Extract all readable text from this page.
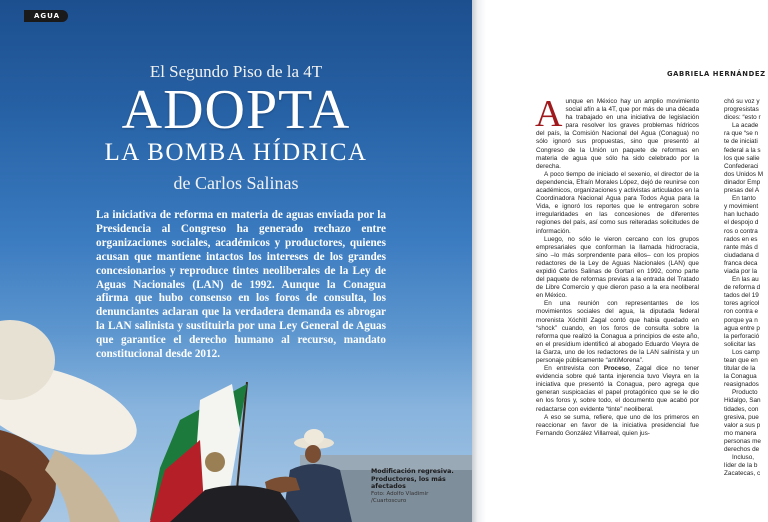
AGUA
El Segundo Piso de la 4T
ADOPTA
LA BOMBA HÍDRICA
de Carlos Salinas
La iniciativa de reforma en materia de aguas enviada por la Presidencia al Congreso ha generado rechazo entre organizaciones sociales, académicos y productores, quienes acusan que mantiene intactos los intereses de los grandes concesionarios y reproduce tintes neoliberales de la Ley de Aguas Nacionales (LAN) de 1992. Aunque la Conagua afirma que hubo consenso en los foros de consulta, los denunciantes aclaran que la verdadera demanda es abrogar la LAN salinista y sustituirla por una Ley General de Aguas que garantice el derecho humano al recurso, mandato constitucional desde 2012.
Modificación regresiva. Productores, los más afectados
Foto: Adolfo Vladimir
/Cuartoscuro
GABRIELA HERNÁNDEZ

Aunque en México hay un amplio movimiento social afín a la 4T, que por más de una década ha trabajado en una iniciativa de legislación para resolver los graves problemas hídricos del país, la Comisión Nacional del Agua (Conagua) no sólo ignoró sus propuestas, sino que presentó al Congreso de la Unión un paquete de reformas en materia de agua que sólo ha sido celebrado por la derecha.

A poco tiempo de iniciado el sexenio, el director de la dependencia, Efraín Morales López, dejó de reunirse con académicos, organizaciones y activistas articulados en la Coordinadora Nacional Agua para Todos Agua para la Vida, e ignoró los reportes que le entregaron sobre irregularidades en las concesiones de diferentes regiones del país, así como sus reiteradas solicitudes de información.

Luego, no sólo le vieron cercano con los grupos empresariales que conforman la llamada hidrocracia, sino –lo más sorprendente para ellos– con los propios redactores de la Ley de Aguas Nacionales (LAN) que expidió Carlos Salinas de Gortari en 1992, como parte del paquete de reformas previas a la entrada del Tratado de Libre Comercio y que dieron paso a la era neoliberal en México.

En una reunión con representantes de los movimientos sociales del agua, la diputada federal morenista Xóchitl Zagal contó que había quedado en “shock” cuando, en los foros de consulta sobre la reforma que realizó la Conagua a principios de este año, en el presídium identificó al abogado Eduardo Vieyra de la Garza, uno de los redactores de la LAN salinista y un personaje públicamente “antiMorena”.

En entrevista con Proceso, Zagal dice no tener evidencia sobre qué tanta injerencia tuvo Vieyra en la iniciativa que presentó la Conagua, pero agrega que generan suspicacias el papel protagónico que se le dio en los foros y, sobre todo, el documento que acabó por redactarse con evidente “tinte” neoliberal.

A eso se suma, refiere, que uno de los primeros en reaccionar en favor de la iniciativa presidencial fue Fernando González Villarreal, quien jus-

chó su voz y
progresistas
dices: “esto r
La acade
ra que “se n
te de iniciati
federal a la s
los que salie
Confederaci
dos Unidos M
dinador Emp
presas del A
En tanto
y movimient
han luchado
el despojo d
ros o contra
rados en es
rante más d
ciudadana d
franca deca
viada por la
En las au
de reforma d
tados del 19
tores agrícol
ron contra e
porque ya n
agua entre p
la perforació
solicitar las
Los camp
tean que en
titular de la
la Conagua
reasignados
Producto
Hidalgo, San
tidades, con
gresiva, pue
valor a sus p
mo manera
personas me
derechos de
Incluso,
líder de la b
Zacatecas, c
